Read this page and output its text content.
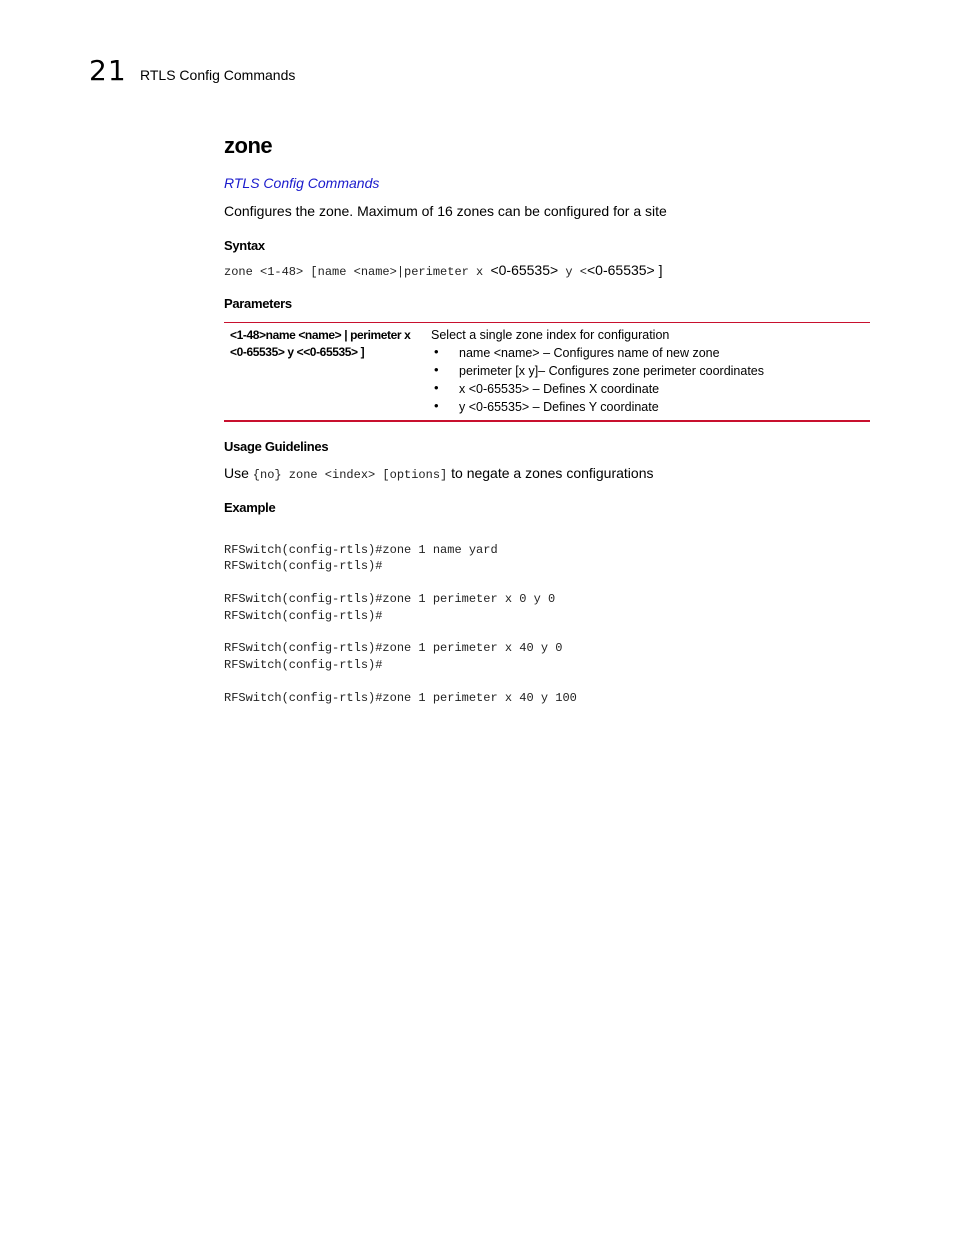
21 RTLS Config Commands
zone
RTLS Config Commands
Configures the zone. Maximum of 16 zones can be configured for a site
Syntax
zone <1-48> [name <name>|perimeter x <0-65535> y <<0-65535> ]
Parameters
<1-48>name <name> | perimeter x <0-65535> y <<0-65535> ]
Select a single zone index for configuration
• name <name> – Configures name of new zone
• perimeter [x y]– Configures zone perimeter coordinates
• x <0-65535> – Defines X coordinate
• y <0-65535> – Defines Y coordinate
Usage Guidelines
Use {no} zone <index> [options] to negate a zones configurations
Example
RFSwitch(config-rtls)#zone 1 name yard
RFSwitch(config-rtls)#

RFSwitch(config-rtls)#zone 1 perimeter x 0 y 0
RFSwitch(config-rtls)#

RFSwitch(config-rtls)#zone 1 perimeter x 40 y 0
RFSwitch(config-rtls)#

RFSwitch(config-rtls)#zone 1 perimeter x 40 y 100
